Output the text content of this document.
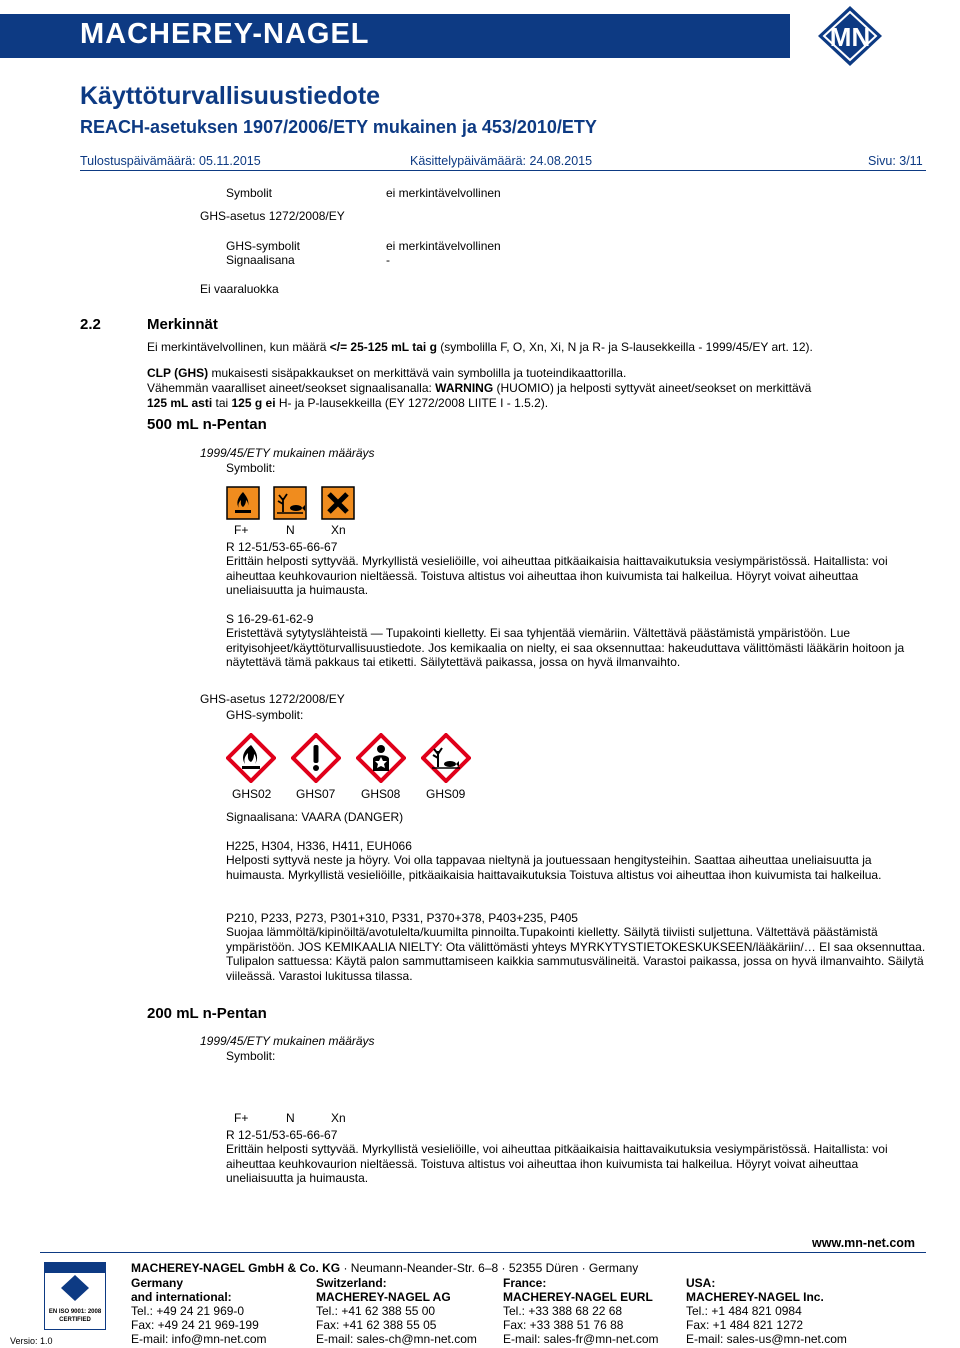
MACHEREY-NAGEL	MN
Käyttöturvallisuustiedote
REACH-asetuksen 1907/2006/ETY mukainen ja 453/2010/ETY
Tulostuspäivämäärä: 05.11.2015	Käsittelypäivämäärä: 24.08.2015	Sivu: 3/11
Symbolit	ei merkintävelvollinen
GHS-asetus 1272/2008/EY
GHS-symbolit	ei merkintävelvollinen
Signaalisana	-
Ei vaaraluokka
2.2	Merkinnät
Ei merkintävelvollinen, kun määrä </= 25-125 mL tai g (symbolilla F, O, Xn, Xi, N ja R- ja S-lausekkeilla - 1999/45/EY art. 12).
CLP (GHS) mukaisesti sisäpakkaukset on merkittävä vain symbolilla ja tuoteindikaattorilla.
Vähemmän vaaralliset aineet/seokset signaalisanalla: WARNING (HUOMIO) ja helposti syttyvät aineet/seokset on merkittävä
125 mL asti tai 125 g ei H- ja P-lausekkeilla (EY 1272/2008 LIITE I - 1.5.2).
500 mL n-Pentan
1999/45/ETY mukainen määräys
Symbolit:
F+	N	Xn
R 12-51/53-65-66-67
Erittäin helposti syttyvää. Myrkyllistä vesieliöille, voi aiheuttaa pitkäaikaisia haittavaikutuksia vesiympäristössä. Haitallista: voi aiheuttaa keuhkovaurion nieltäessä. Toistuva altistus voi aiheuttaa ihon kuivumista tai halkeilua. Höyryt voivat aiheuttaa uneliaisuutta ja huimausta.
S 16-29-61-62-9
Eristettävä sytytyslähteistä — Tupakointi kielletty. Ei saa tyhjentää viemäriin. Vältettävä päästämistä ympäristöön. Lue erityisohjeet/käyttöturvallisuustiedote. Jos kemikaalia on nielty, ei saa oksennuttaa: hakeuduttava välittömästi lääkärin hoitoon ja näytettävä tämä pakkaus tai etiketti. Säilytettävä paikassa, jossa on hyvä ilmanvaihto.
GHS-asetus 1272/2008/EY
GHS-symbolit:
GHS02 GHS07 GHS08 GHS09
Signaalisana: VAARA (DANGER)
H225, H304, H336, H411, EUH066
Helposti syttyvä neste ja höyry. Voi olla tappavaa nieltynä ja joutuessaan hengitysteihin. Saattaa aiheuttaa uneliaisuutta ja huimausta. Myrkyllistä vesieliöille, pitkäaikaisia haittavaikutuksia Toistuva altistus voi aiheuttaa ihon kuivumista tai halkeilua.
P210, P233, P273, P301+310, P331, P370+378, P403+235, P405
Suojaa lämmöltä/kipinöiltä/avotulelta/kuumilta pinnoilta.Tupakointi kielletty. Säilytä tiiviisti suljettuna. Vältettävä päästämistä ympäristöön. JOS KEMIKAALIA NIELTY: Ota välittömästi yhteys MYRKYTYSTIETOKESKUKSEEN/lääkäriin/… EI saa oksennuttaa. Tulipalon sattuessa: Käytä palon sammuttamiseen kaikkia sammutusvälineitä. Varastoi paikassa, jossa on hyvä ilmanvaihto. Säilytä viileässä. Varastoi lukitussa tilassa.
200 mL n-Pentan
1999/45/ETY mukainen määräys
Symbolit:
F+	N	Xn
R 12-51/53-65-66-67
Erittäin helposti syttyvää. Myrkyllistä vesieliöille, voi aiheuttaa pitkäaikaisia haittavaikutuksia vesiympäristössä. Haitallista: voi aiheuttaa keuhkovaurion nieltäessä. Toistuva altistus voi aiheuttaa ihon kuivumista tai halkeilua. Höyryt voivat aiheuttaa uneliaisuutta ja huimausta.
www.mn-net.com
EN ISO 9001: 2008
CERTIFIED
Versio: 1.0
MACHEREY-NAGEL GmbH & Co. KG · Neumann-Neander-Str. 6–8 · 52355 Düren · Germany
Germany
and international:
Tel.: +49 24 21 969-0
Fax: +49 24 21 969-199
E-mail: info@mn-net.com
Switzerland:
MACHEREY-NAGEL AG
Tel.: +41 62 388 55 00
Fax: +41 62 388 55 05
E-mail: sales-ch@mn-net.com
France:
MACHEREY-NAGEL EURL
Tel.: +33 388 68 22 68
Fax: +33 388 51 76 88
E-mail: sales-fr@mn-net.com
USA:
MACHEREY-NAGEL Inc.
Tel.: +1 484 821 0984
Fax: +1 484 821 1272
E-mail: sales-us@mn-net.com
